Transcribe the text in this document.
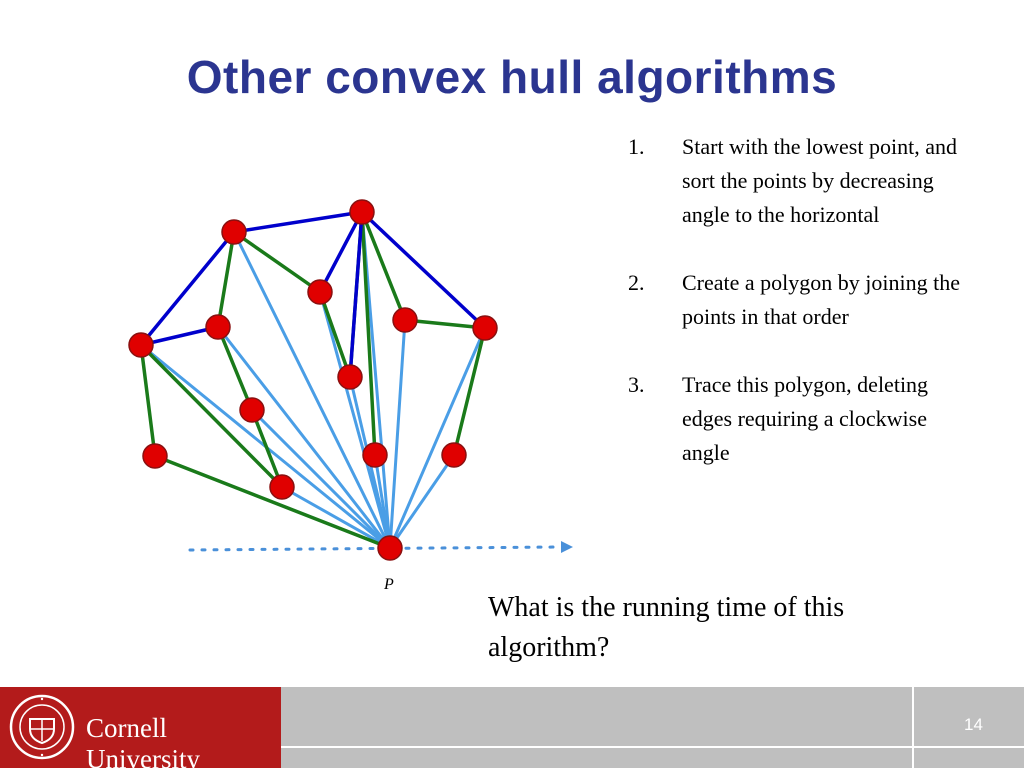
Other convex hull algorithms
P
1. Start with the lowest point, and sort the points by decreasing angle to the horizontal
2. Create a polygon by joining the points in that order
3. Trace this polygon, deleting edges requiring a clockwise angle
What is the running time of this algorithm?
Cornell University
14
